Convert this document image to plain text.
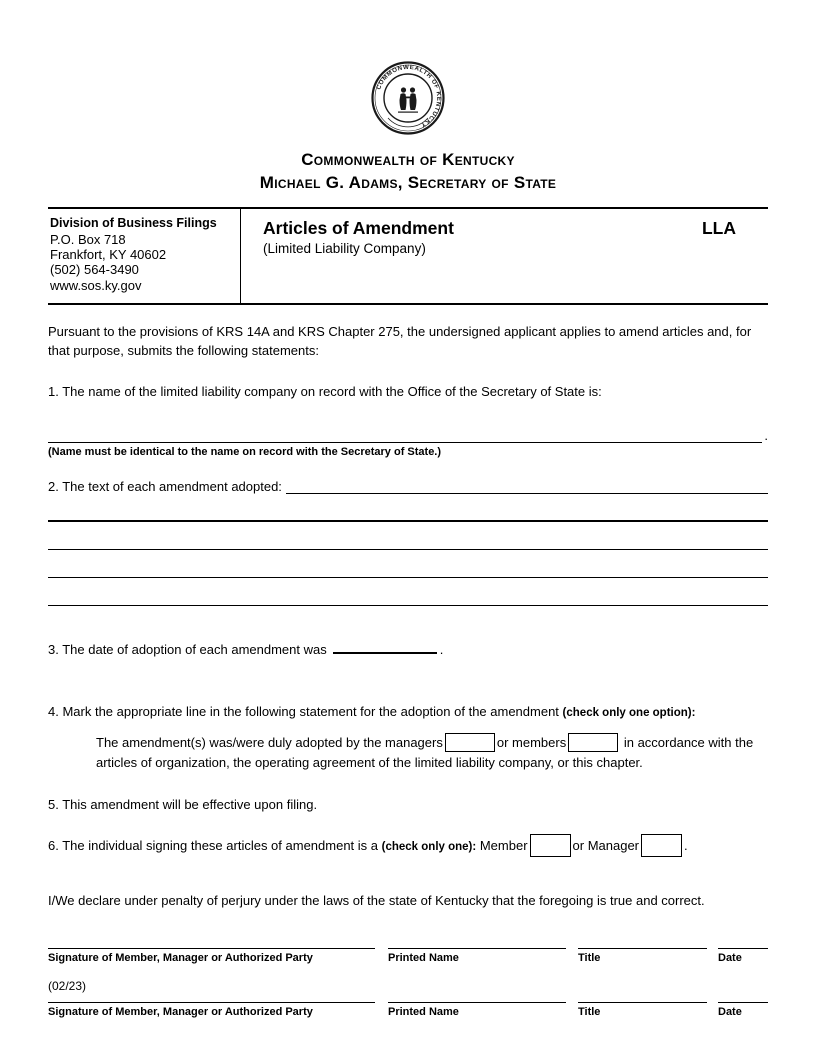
COMMONWEALTH OF KENTUCKY
Commonwealth of Kentucky
Michael G. Adams, Secretary of State
Division of Business Filings
P.O. Box 718
Frankfort, KY 40602
(502) 564-3490
www.sos.ky.gov
Articles of Amendment
(Limited Liability Company)
LLA

Pursuant to the provisions of KRS 14A and KRS Chapter 275, the undersigned applicant applies to amend articles and, for that purpose, submits the following statements:

1. The name of the limited liability company on record with the Office of the Secretary of State is:

.
(Name must be identical to the name on record with the Secretary of State.)
2. The text of each amendment adopted:

3. The date of adoption of each amendment was	.

4. Mark the appropriate line in the following statement for the adoption of the amendment (check only one option):

The amendment(s) was/were duly adopted by the managers	or members	in accordance with the articles of organization, the operating agreement of the limited liability company, or this chapter.

5. This amendment will be effective upon filing.

6. The individual signing these articles of amendment is a (check only one): Member	or Manager	.

I/We declare under penalty of perjury under the laws of the state of Kentucky that the foregoing is true and correct.

Signature of Member, Manager or Authorized Party	Printed Name	Title	Date
Signature of Member, Manager or Authorized Party	Printed Name	Title	Date
(02/23)
